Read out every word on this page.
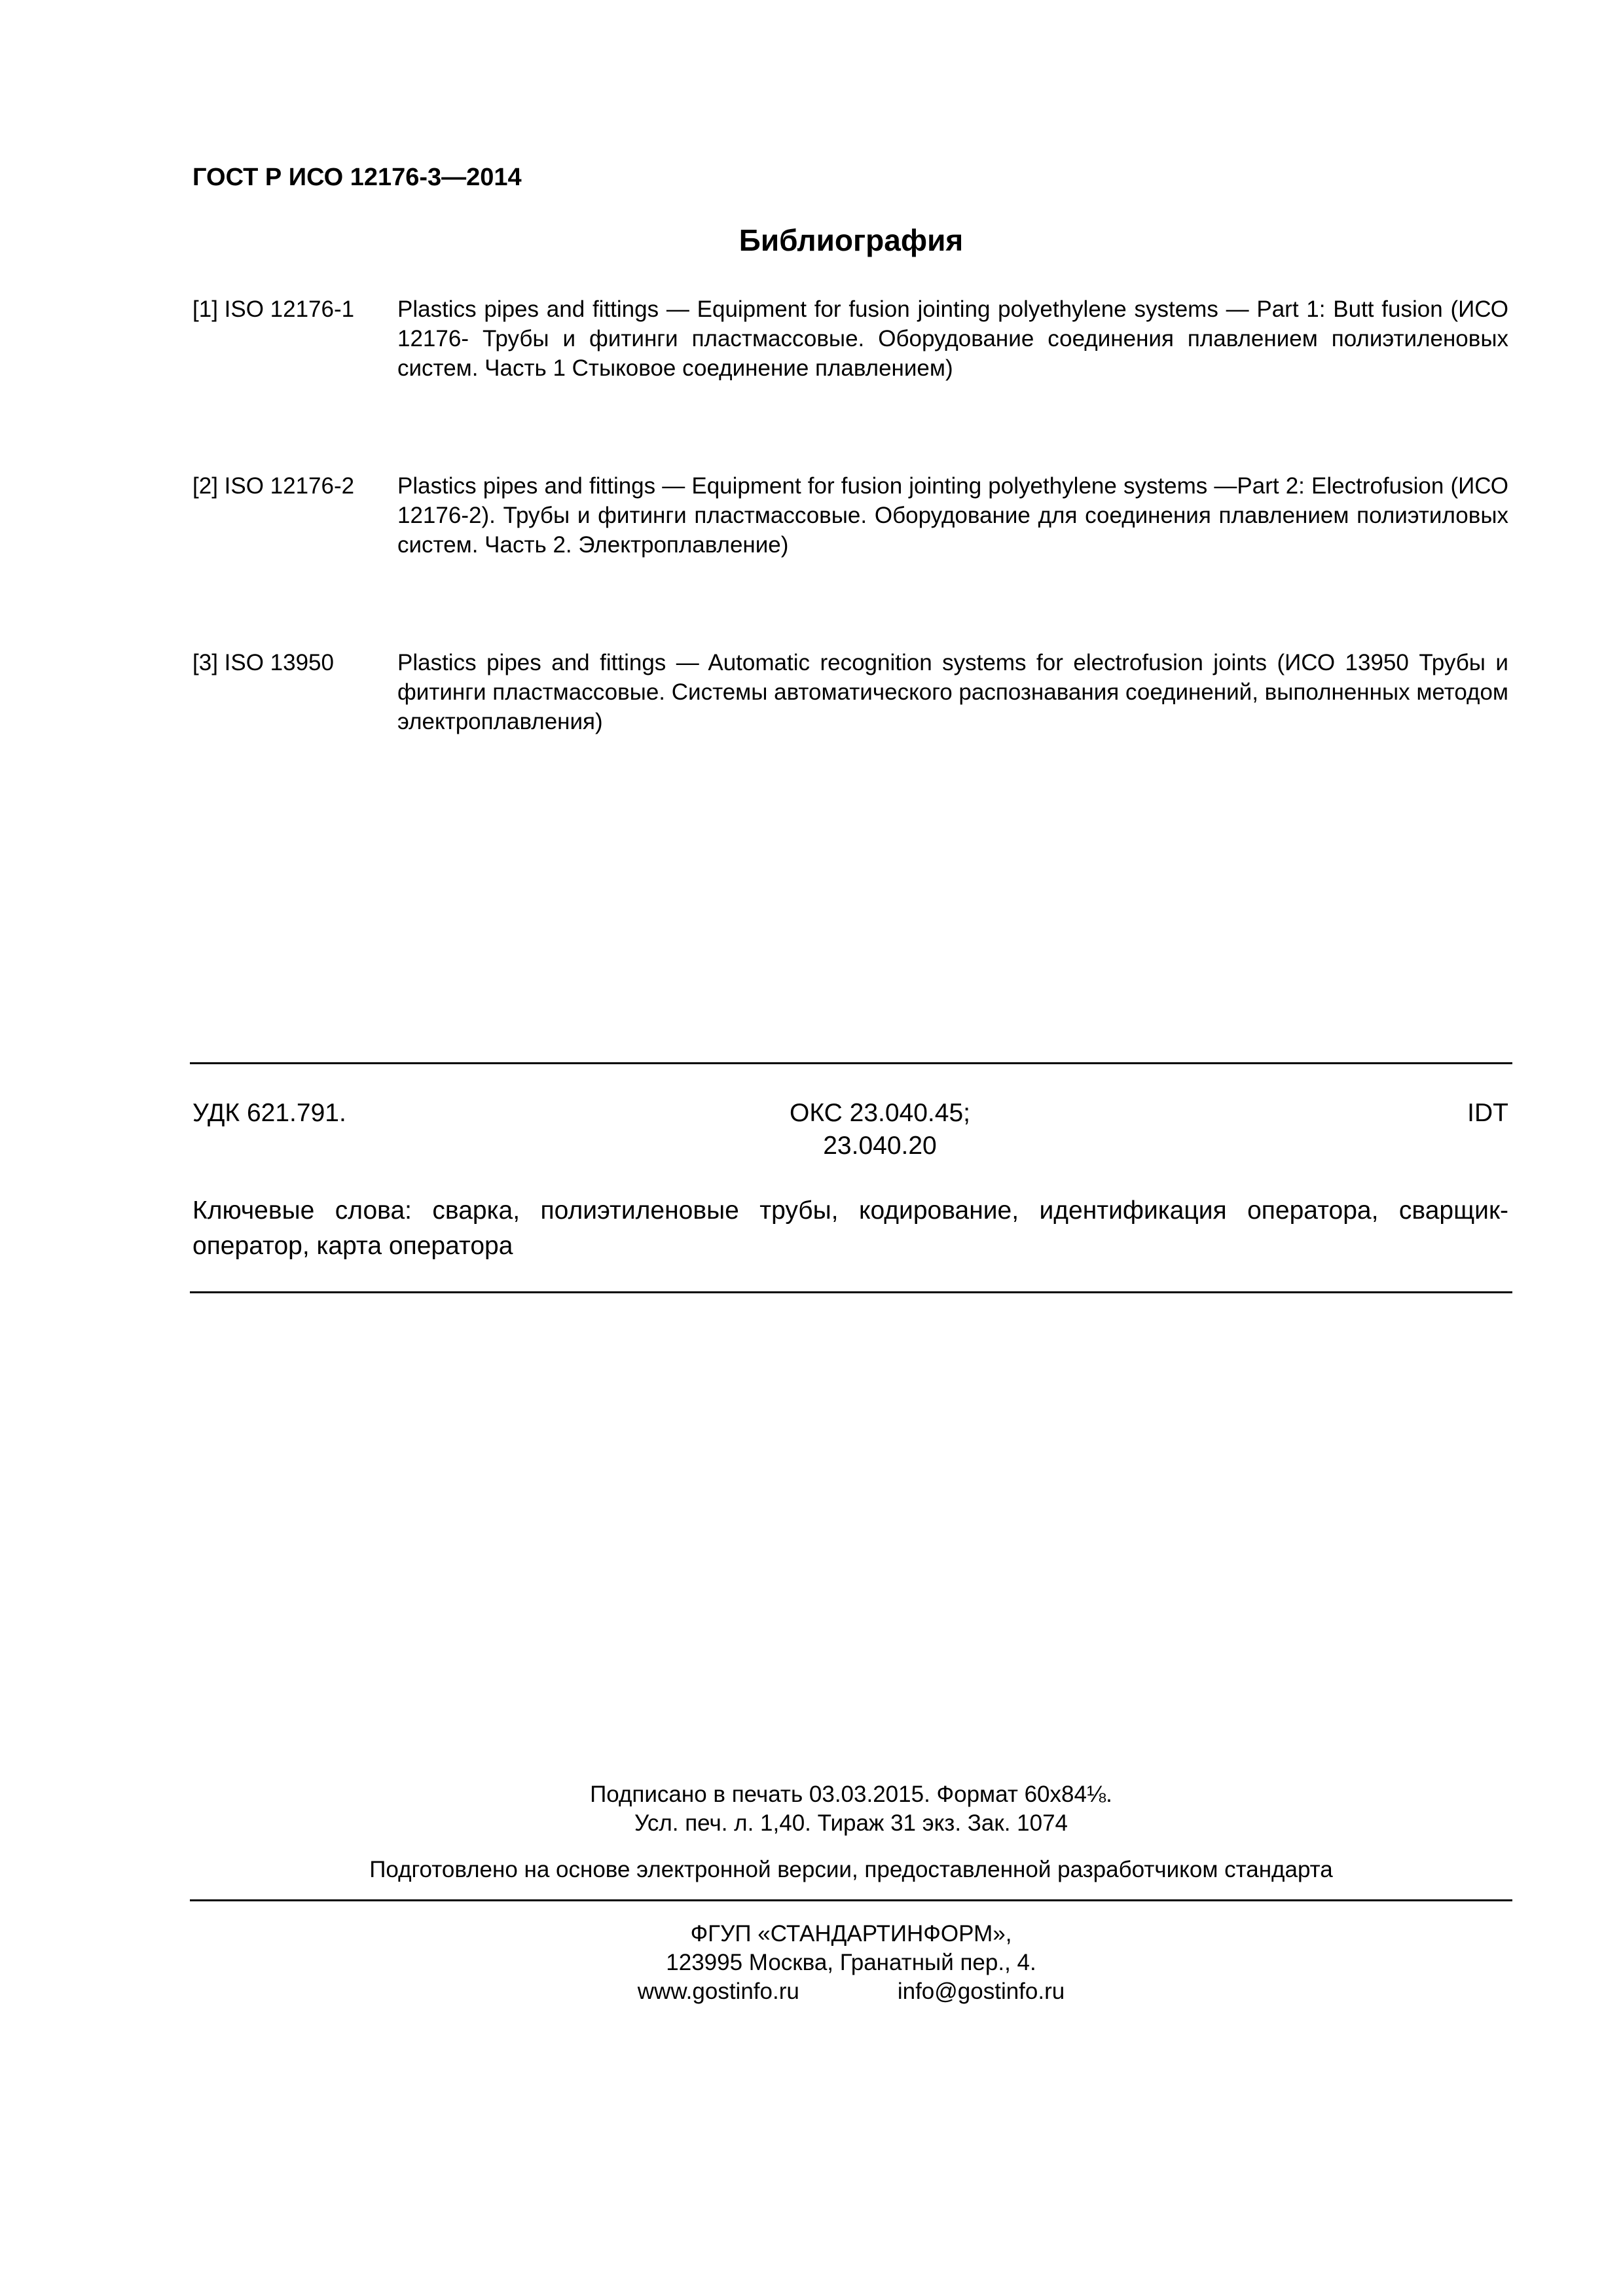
ГОСТ Р ИСО 12176-3—2014
Библиография
[1] ISO 12176-1	Plastics pipes and fittings — Equipment for fusion jointing polyethylene systems — Part 1: Butt fusion (ИСО 12176- Трубы и фитинги пластмассовые. Оборудование соединения плавлением полиэтиленовых систем. Часть 1 Стыковое соединение плавлением)
[2] ISO 12176-2	Plastics pipes and fittings — Equipment for fusion jointing polyethylene systems —Part 2: Electrofusion (ИСО 12176-2). Трубы и фитинги пластмассовые. Оборудование для соединения плавлением полиэтиловых систем. Часть 2. Электроплавление)
[3] ISO 13950	Plastics pipes and fittings — Automatic recognition systems for electrofusion joints (ИСО 13950 Трубы и фитинги пластмассовые. Системы автоматического распознавания соединений, выполненных методом электроплавления)
УДК 621.791.	ОКС 23.040.45;
23.040.20
IDT
Ключевые слова: сварка, полиэтиленовые трубы, кодирование, идентификация оператора, сварщик-оператор, карта оператора
Подписано в печать 03.03.2015. Формат 60x84⅛.
Усл. печ. л. 1,40. Тираж 31 экз. Зак. 1074
Подготовлено на основе электронной версии, предоставленной разработчиком стандарта
ФГУП «СТАНДАРТИНФОРМ»,
123995 Москва, Гранатный пер., 4.
www.gostinfo.ru	info@gostinfo.ru
